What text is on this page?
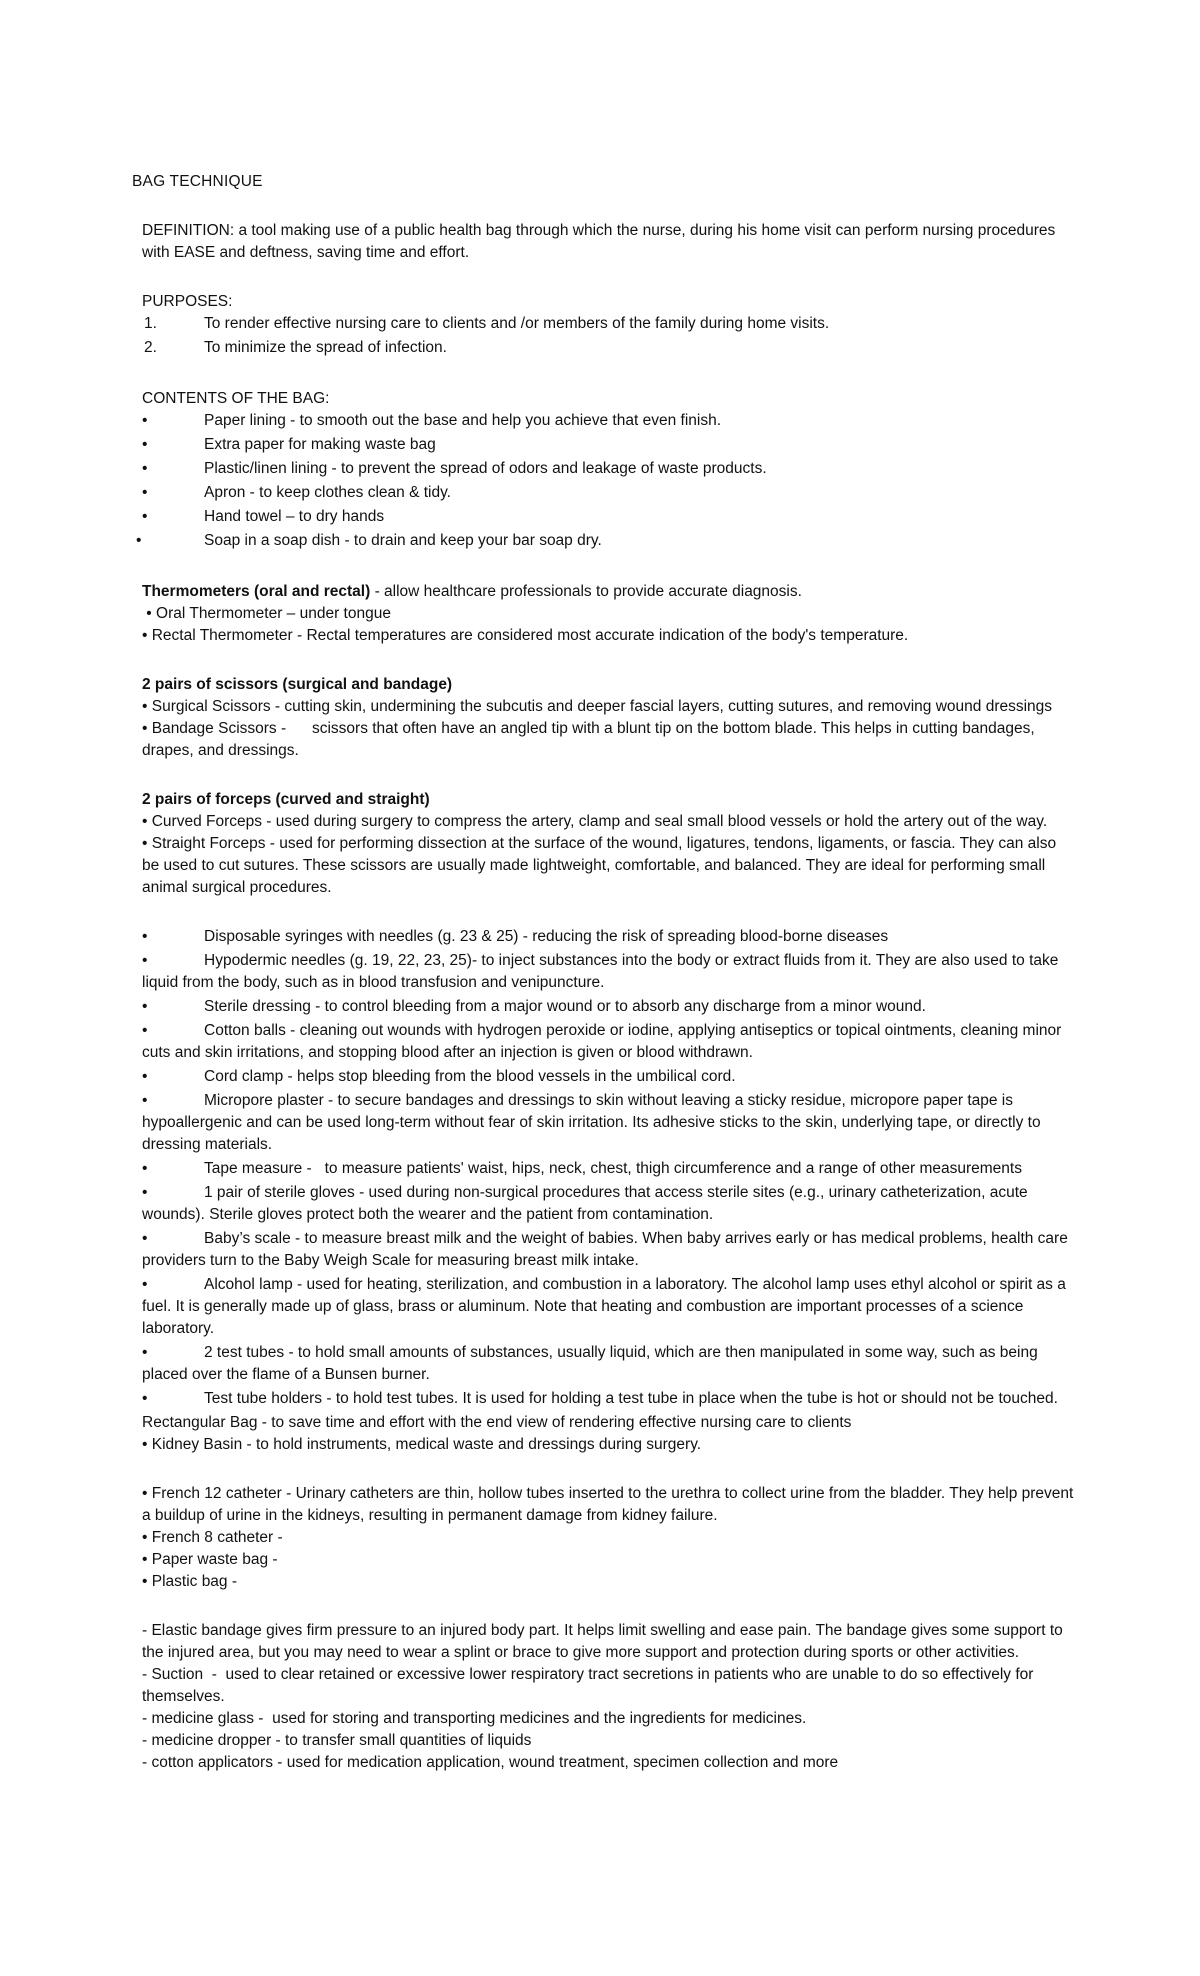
BAG TECHNIQUE

DEFINITION: a tool making use of a public health bag through which the nurse, during his home visit can perform nursing procedures with EASE and deftness, saving time and effort.

PURPOSES:

1.	To render effective nursing care to clients and /or members of the family during home visits.
2.	To minimize the spread of infection.

CONTENTS OF THE BAG:

•	Paper lining - to smooth out the base and help you achieve that even finish.
•	Extra paper for making waste bag
•	Plastic/linen lining - to prevent the spread of odors and leakage of waste products.
•	Apron - to keep clothes clean & tidy.
•	Hand towel – to dry hands
•	Soap in a soap dish - to drain and keep your bar soap dry.

Thermometers (oral and rectal) - allow healthcare professionals to provide accurate diagnosis.

• Oral Thermometer – under tongue

• Rectal Thermometer - Rectal temperatures are considered most accurate indication of the body's temperature.

2 pairs of scissors (surgical and bandage)

• Surgical Scissors - cutting skin, undermining the subcutis and deeper fascial layers, cutting sutures, and removing wound dressings

• Bandage Scissors -      scissors that often have an angled tip with a blunt tip on the bottom blade. This helps in cutting bandages, drapes, and dressings.

2 pairs of forceps (curved and straight)

• Curved Forceps - used during surgery to compress the artery, clamp and seal small blood vessels or hold the artery out of the way.

• Straight Forceps - used for performing dissection at the surface of the wound, ligatures, tendons, ligaments, or fascia. They can also be used to cut sutures. These scissors are usually made lightweight, comfortable, and balanced. They are ideal for performing small animal surgical procedures.

•	Disposable syringes with needles (g. 23 & 25) - reducing the risk of spreading blood-borne diseases
•	Hypodermic needles (g. 19, 22, 23, 25)- to inject substances into the body or extract fluids from it. They are also used to take liquid from the body, such as in blood transfusion and venipuncture.
•	Sterile dressing - to control bleeding from a major wound or to absorb any discharge from a minor wound.
•	Cotton balls - cleaning out wounds with hydrogen peroxide or iodine, applying antiseptics or topical ointments, cleaning minor cuts and skin irritations, and stopping blood after an injection is given or blood withdrawn.
•	Cord clamp - helps stop bleeding from the blood vessels in the umbilical cord.
•	Micropore plaster - to secure bandages and dressings to skin without leaving a sticky residue, micropore paper tape is hypoallergenic and can be used long-term without fear of skin irritation. Its adhesive sticks to the skin, underlying tape, or directly to dressing materials.
•	Tape measure -   to measure patients' waist, hips, neck, chest, thigh circumference and a range of other measurements
•	1 pair of sterile gloves - used during non-surgical procedures that access sterile sites (e.g., urinary catheterization, acute wounds). Sterile gloves protect both the wearer and the patient from contamination.
•	Baby’s scale - to measure breast milk and the weight of babies. When baby arrives early or has medical problems, health care providers turn to the Baby Weigh Scale for measuring breast milk intake.
•	Alcohol lamp - used for heating, sterilization, and combustion in a laboratory. The alcohol lamp uses ethyl alcohol or spirit as a fuel. It is generally made up of glass, brass or aluminum. Note that heating and combustion are important processes of a science laboratory.
•	2 test tubes - to hold small amounts of substances, usually liquid, which are then manipulated in some way, such as being placed over the flame of a Bunsen burner.
•	Test tube holders - to hold test tubes. It is used for holding a test tube in place when the tube is hot or should not be touched.

Rectangular Bag - to save time and effort with the end view of rendering effective nursing care to clients

• Kidney Basin - to hold instruments, medical waste and dressings during surgery.

• French 12 catheter - Urinary catheters are thin, hollow tubes inserted to the urethra to collect urine from the bladder. They help prevent a buildup of urine in the kidneys, resulting in permanent damage from kidney failure.

• French 8 catheter -

• Paper waste bag -

• Plastic bag -

- Elastic bandage gives firm pressure to an injured body part. It helps limit swelling and ease pain. The bandage gives some support to the injured area, but you may need to wear a splint or brace to give more support and protection during sports or other activities.

- Suction  -  used to clear retained or excessive lower respiratory tract secretions in patients who are unable to do so effectively for themselves.

- medicine glass -  used for storing and transporting medicines and the ingredients for medicines.

- medicine dropper - to transfer small quantities of liquids

- cotton applicators - used for medication application, wound treatment, specimen collection and more
